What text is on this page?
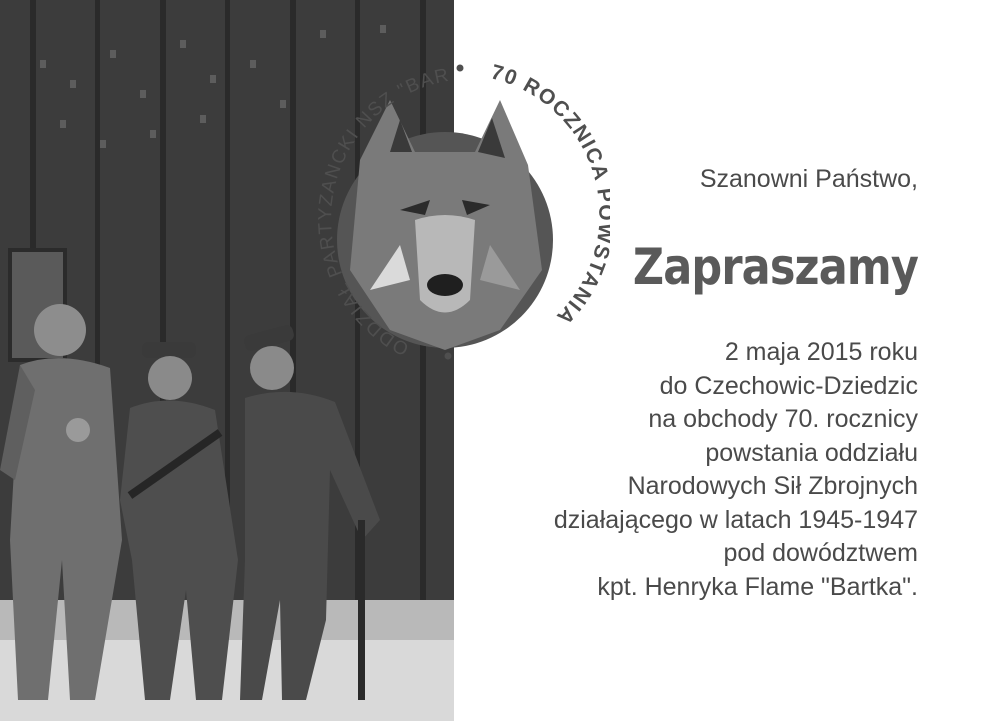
ODDZIAŁ PARTYZANCKI NSZ "BAR 70 ROCZNIC TANIA
Szanowni Państwo,
Zapraszamy
2 maja 2015 roku
do Czechowic-Dziedzic
na obchody 70. rocznicy
powstania oddziału
Narodowych Sił Zbrojnych
działającego w latach 1945-1947
pod dowództwem
kpt. Henryka Flame "Bartka".
